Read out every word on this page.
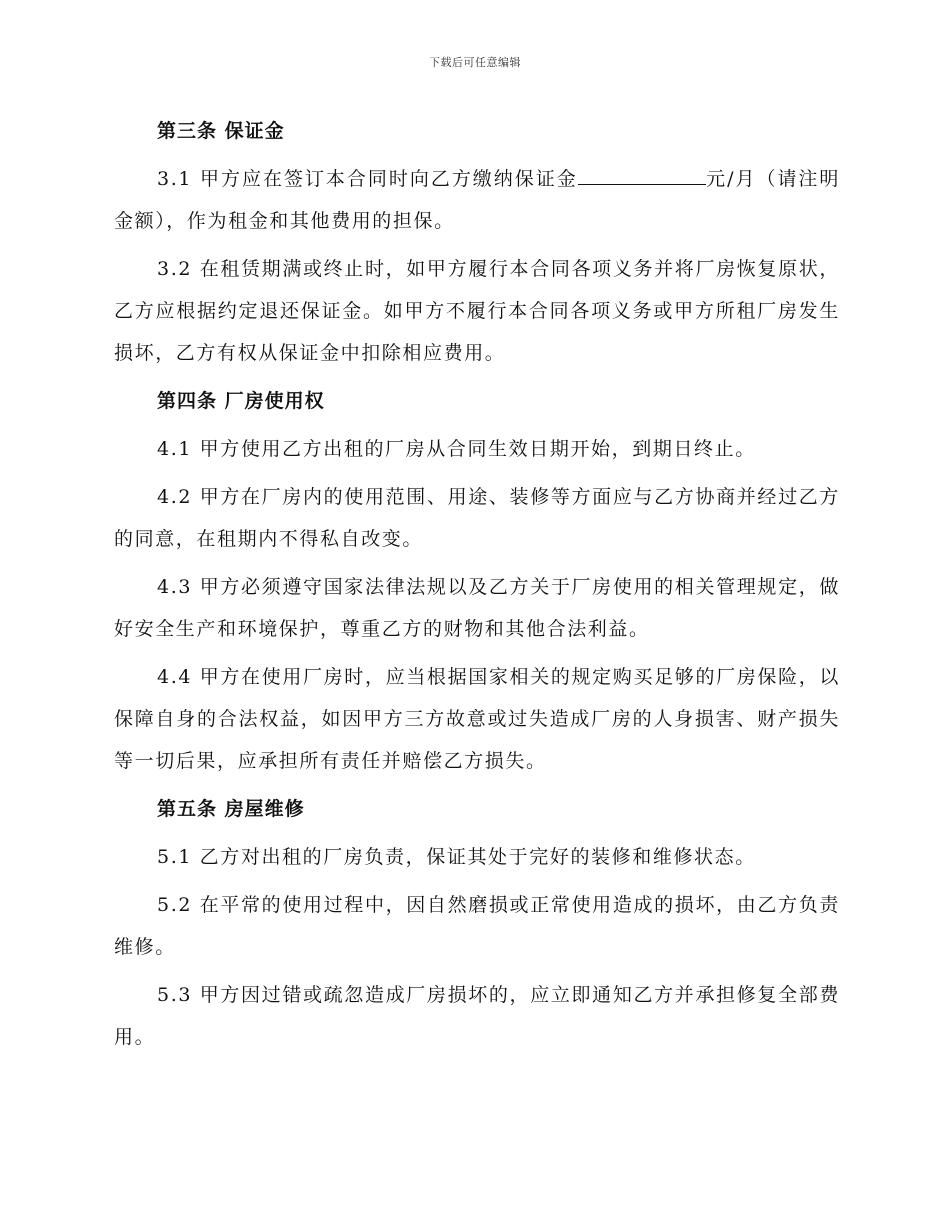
下载后可任意编辑

第三条 保证金

3.1 甲方应在签订本合同时向乙方缴纳保证金	元/月（请注明金额），作为租金和其他费用的担保。

3.2 在租赁期满或终止时，如甲方履行本合同各项义务并将厂房恢复原状，乙方应根据约定退还保证金。如甲方不履行本合同各项义务或甲方所租厂房发生损坏，乙方有权从保证金中扣除相应费用。

第四条 厂房使用权

4.1 甲方使用乙方出租的厂房从合同生效日期开始，到期日终止。

4.2 甲方在厂房内的使用范围、用途、装修等方面应与乙方协商并经过乙方的同意，在租期内不得私自改变。

4.3 甲方必须遵守国家法律法规以及乙方关于厂房使用的相关管理规定，做好安全生产和环境保护，尊重乙方的财物和其他合法利益。

4.4 甲方在使用厂房时，应当根据国家相关的规定购买足够的厂房保险，以保障自身的合法权益，如因甲方三方故意或过失造成厂房的人身损害、财产损失等一切后果，应承担所有责任并赔偿乙方损失。

第五条 房屋维修

5.1 乙方对出租的厂房负责，保证其处于完好的装修和维修状态。

5.2 在平常的使用过程中，因自然磨损或正常使用造成的损坏，由乙方负责维修。

5.3 甲方因过错或疏忽造成厂房损坏的，应立即通知乙方并承担修复全部费用。
